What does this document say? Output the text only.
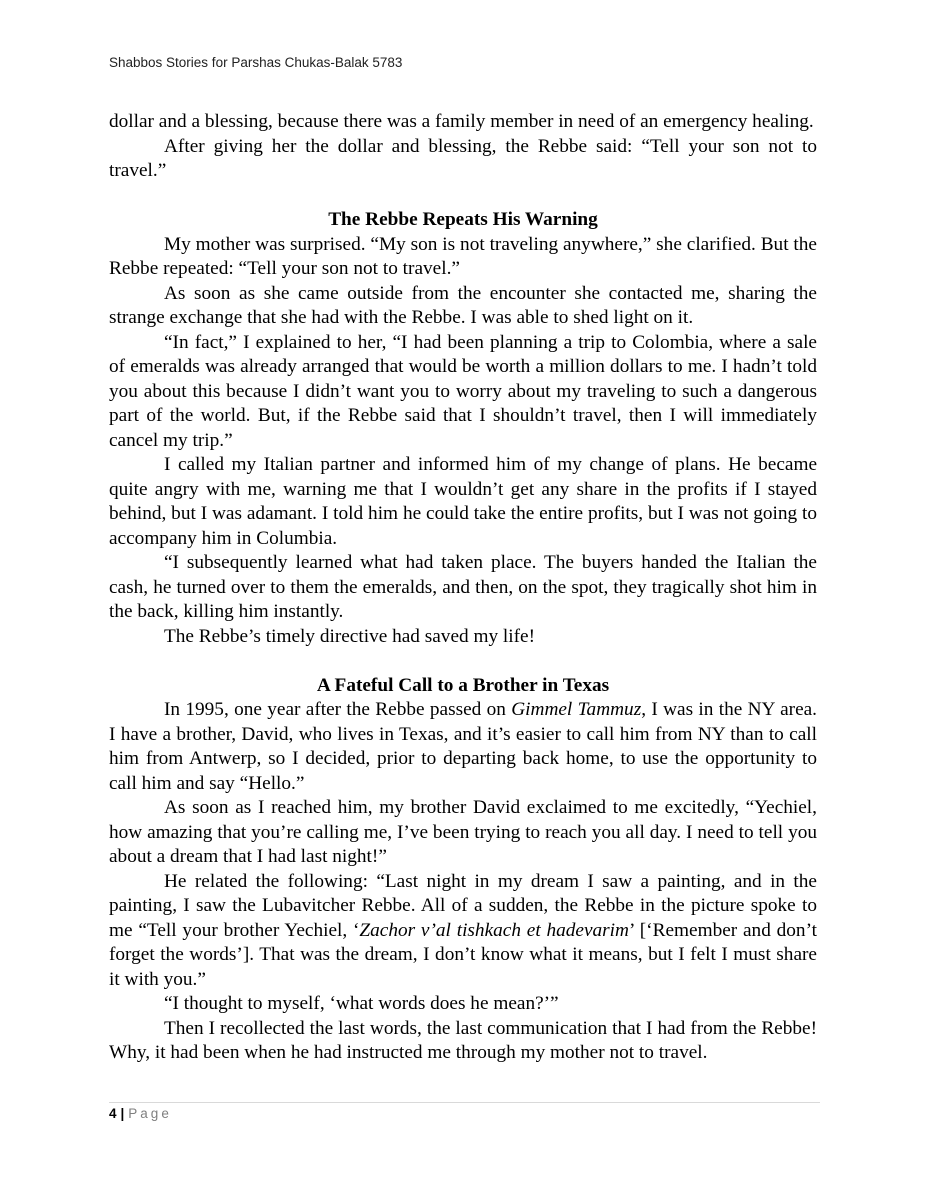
Shabbos Stories for Parshas Chukas-Balak 5783

dollar and a blessing, because there was a family member in need of an emergency healing.

After giving her the dollar and blessing, the Rebbe said: “Tell your son not to travel.”

The Rebbe Repeats His Warning

My mother was surprised. “My son is not traveling anywhere,” she clarified. But the Rebbe repeated: “Tell your son not to travel.”

As soon as she came outside from the encounter she contacted me, sharing the strange exchange that she had with the Rebbe. I was able to shed light on it.

“In fact,” I explained to her, “I had been planning a trip to Colombia, where a sale of emeralds was already arranged that would be worth a million dollars to me. I hadn’t told you about this because I didn’t want you to worry about my traveling to such a dangerous part of the world. But, if the Rebbe said that I shouldn’t travel, then I will immediately cancel my trip.”

I called my Italian partner and informed him of my change of plans. He became quite angry with me, warning me that I wouldn’t get any share in the profits if I stayed behind, but I was adamant. I told him he could take the entire profits, but I was not going to accompany him in Columbia.

“I subsequently learned what had taken place. The buyers handed the Italian the cash, he turned over to them the emeralds, and then, on the spot, they tragically shot him in the back, killing him instantly.

The Rebbe’s timely directive had saved my life!

A Fateful Call to a Brother in Texas

In 1995, one year after the Rebbe passed on Gimmel Tammuz, I was in the NY area. I have a brother, David, who lives in Texas, and it’s easier to call him from NY than to call him from Antwerp, so I decided, prior to departing back home, to use the opportunity to call him and say “Hello.”

As soon as I reached him, my brother David exclaimed to me excitedly, “Yechiel, how amazing that you’re calling me, I’ve been trying to reach you all day. I need to tell you about a dream that I had last night!”

He related the following: “Last night in my dream I saw a painting, and in the painting, I saw the Lubavitcher Rebbe. All of a sudden, the Rebbe in the picture spoke to me “Tell your brother Yechiel, ‘Zachor v’al tishkach et hadevarim’ [‘Remember and don’t forget the words’]. That was the dream, I don’t know what it means, but I felt I must share it with you.”

“I thought to myself, ‘what words does he mean?’”

Then I recollected the last words, the last communication that I had from the Rebbe! Why, it had been when he had instructed me through my mother not to travel.

4 | Page
